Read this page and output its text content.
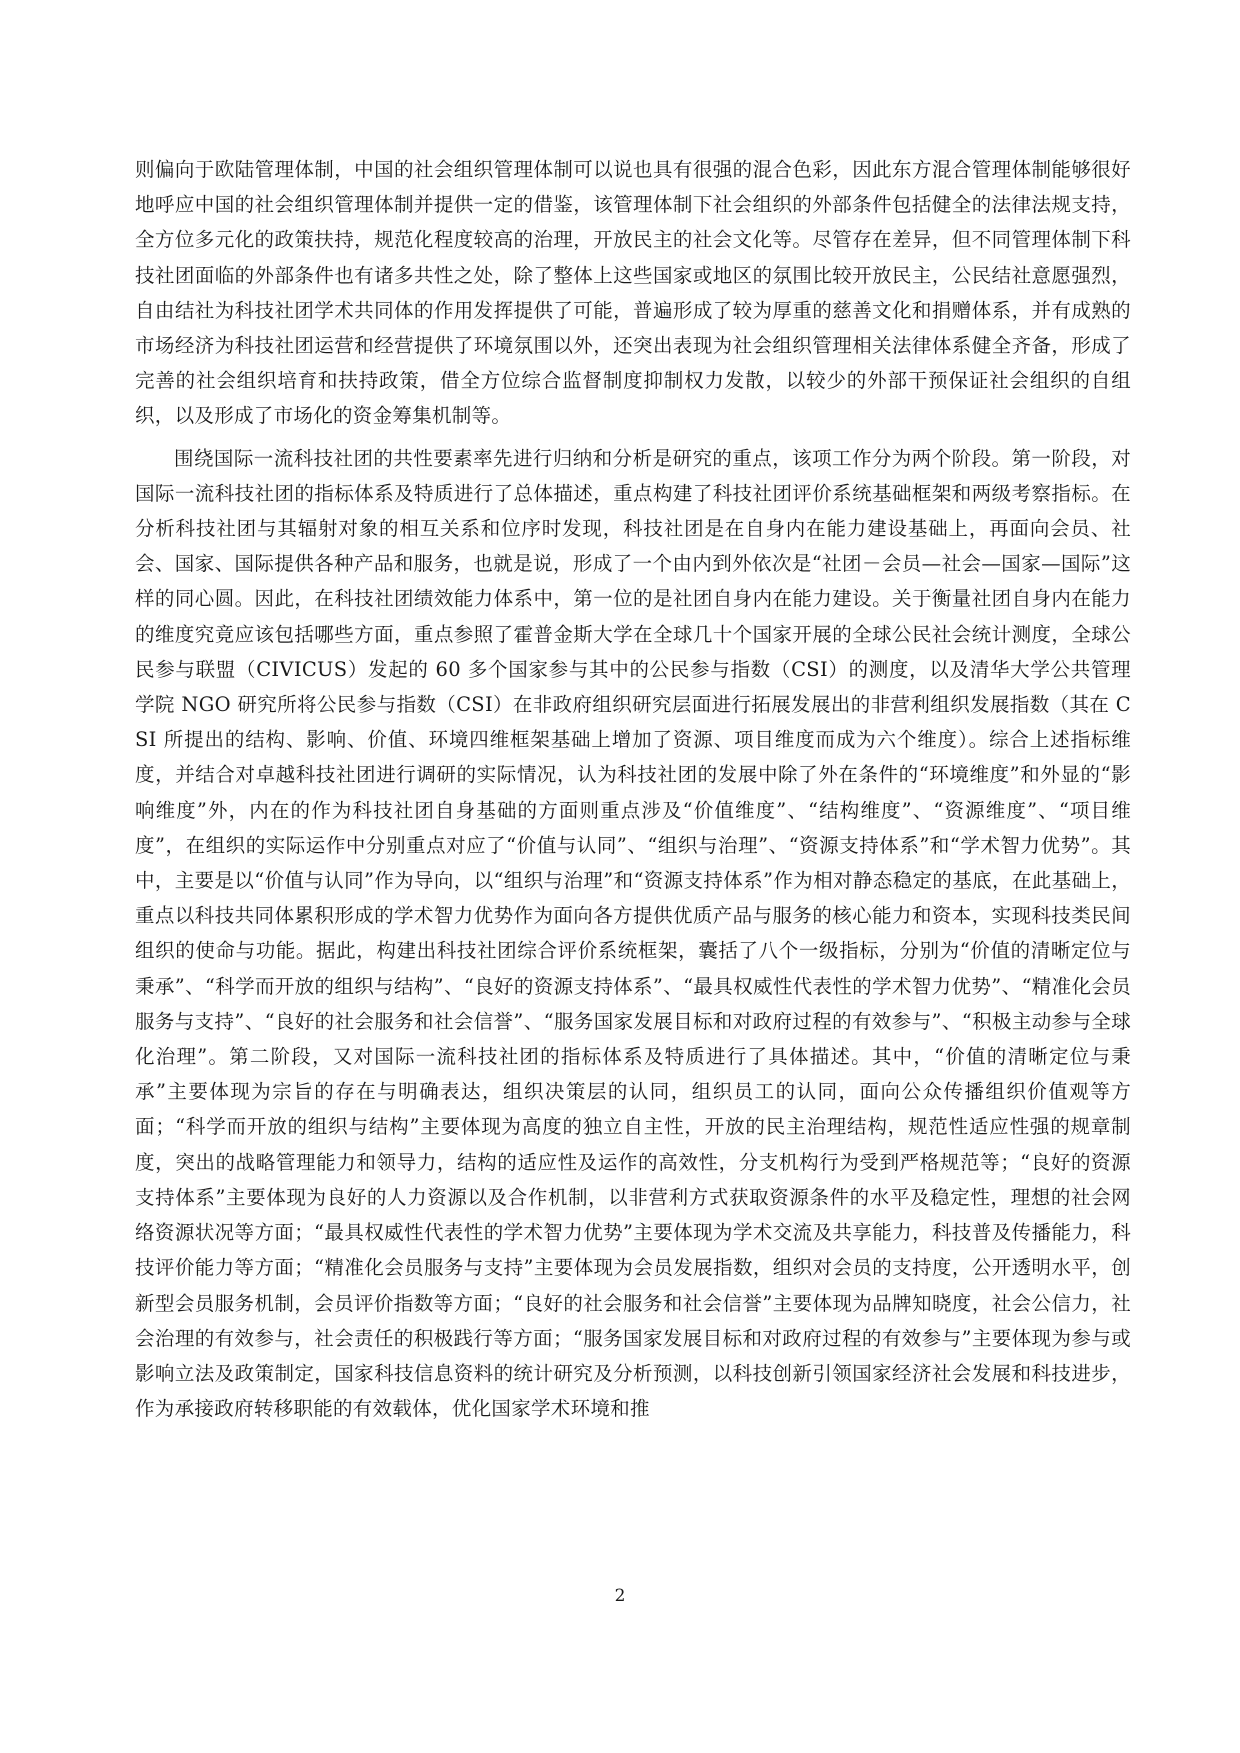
则偏向于欧陆管理体制，中国的社会组织管理体制可以说也具有很强的混合色彩，因此东方混合管理体制能够很好地呼应中国的社会组织管理体制并提供一定的借鉴，该管理体制下社会组织的外部条件包括健全的法律法规支持，全方位多元化的政策扶持，规范化程度较高的治理，开放民主的社会文化等。尽管存在差异，但不同管理体制下科技社团面临的外部条件也有诸多共性之处，除了整体上这些国家或地区的氛围比较开放民主，公民结社意愿强烈，自由结社为科技社团学术共同体的作用发挥提供了可能，普遍形成了较为厚重的慈善文化和捐赠体系，并有成熟的市场经济为科技社团运营和经营提供了环境氛围以外，还突出表现为社会组织管理相关法律体系健全齐备，形成了完善的社会组织培育和扶持政策，借全方位综合监督制度抑制权力发散，以较少的外部干预保证社会组织的自组织，以及形成了市场化的资金筹集机制等。

围绕国际一流科技社团的共性要素率先进行归纳和分析是研究的重点，该项工作分为两个阶段。第一阶段，对国际一流科技社团的指标体系及特质进行了总体描述，重点构建了科技社团评价系统基础框架和两级考察指标。在分析科技社团与其辐射对象的相互关系和位序时发现，科技社团是在自身内在能力建设基础上，再面向会员、社会、国家、国际提供各种产品和服务，也就是说，形成了一个由内到外依次是“社团－会员—社会—国家—国际”这样的同心圆。因此，在科技社团绩效能力体系中，第一位的是社团自身内在能力建设。关于衡量社团自身内在能力的维度究竟应该包括哪些方面，重点参照了霍普金斯大学在全球几十个国家开展的全球公民社会统计测度，全球公民参与联盟（CIVICUS）发起的 60 多个国家参与其中的公民参与指数（CSI）的测度，以及清华大学公共管理学院 NGO 研究所将公民参与指数（CSI）在非政府组织研究层面进行拓展发展出的非营利组织发展指数（其在 CSI 所提出的结构、影响、价值、环境四维框架基础上增加了资源、项目维度而成为六个维度）。综合上述指标维度，并结合对卓越科技社团进行调研的实际情况，认为科技社团的发展中除了外在条件的“环境维度”和外显的“影响维度”外，内在的作为科技社团自身基础的方面则重点涉及“价值维度”、“结构维度”、“资源维度”、“项目维度”，在组织的实际运作中分别重点对应了“价值与认同”、“组织与治理”、“资源支持体系”和“学术智力优势”。其中，主要是以“价值与认同”作为导向，以“组织与治理”和“资源支持体系”作为相对静态稳定的基底，在此基础上，重点以科技共同体累积形成的学术智力优势作为面向各方提供优质产品与服务的核心能力和资本，实现科技类民间组织的使命与功能。据此，构建出科技社团综合评价系统框架，囊括了八个一级指标，分别为“价值的清晰定位与秉承”、“科学而开放的组织与结构”、“良好的资源支持体系”、“最具权威性代表性的学术智力优势”、“精准化会员服务与支持”、“良好的社会服务和社会信誉”、“服务国家发展目标和对政府过程的有效参与”、“积极主动参与全球化治理”。第二阶段，又对国际一流科技社团的指标体系及特质进行了具体描述。其中，“价值的清晰定位与秉承”主要体现为宗旨的存在与明确表达，组织决策层的认同，组织员工的认同，面向公众传播组织价值观等方面；“科学而开放的组织与结构”主要体现为高度的独立自主性，开放的民主治理结构，规范性适应性强的规章制度，突出的战略管理能力和领导力，结构的适应性及运作的高效性，分支机构行为受到严格规范等；“良好的资源支持体系”主要体现为良好的人力资源以及合作机制，以非营利方式获取资源条件的水平及稳定性，理想的社会网络资源状况等方面；“最具权威性代表性的学术智力优势”主要体现为学术交流及共享能力，科技普及传播能力，科技评价能力等方面；“精准化会员服务与支持”主要体现为会员发展指数，组织对会员的支持度，公开透明水平，创新型会员服务机制，会员评价指数等方面；“良好的社会服务和社会信誉”主要体现为品牌知晓度，社会公信力，社会治理的有效参与，社会责任的积极践行等方面；“服务国家发展目标和对政府过程的有效参与”主要体现为参与或影响立法及政策制定，国家科技信息资料的统计研究及分析预测，以科技创新引领国家经济社会发展和科技进步，作为承接政府转移职能的有效载体，优化国家学术环境和推

2
